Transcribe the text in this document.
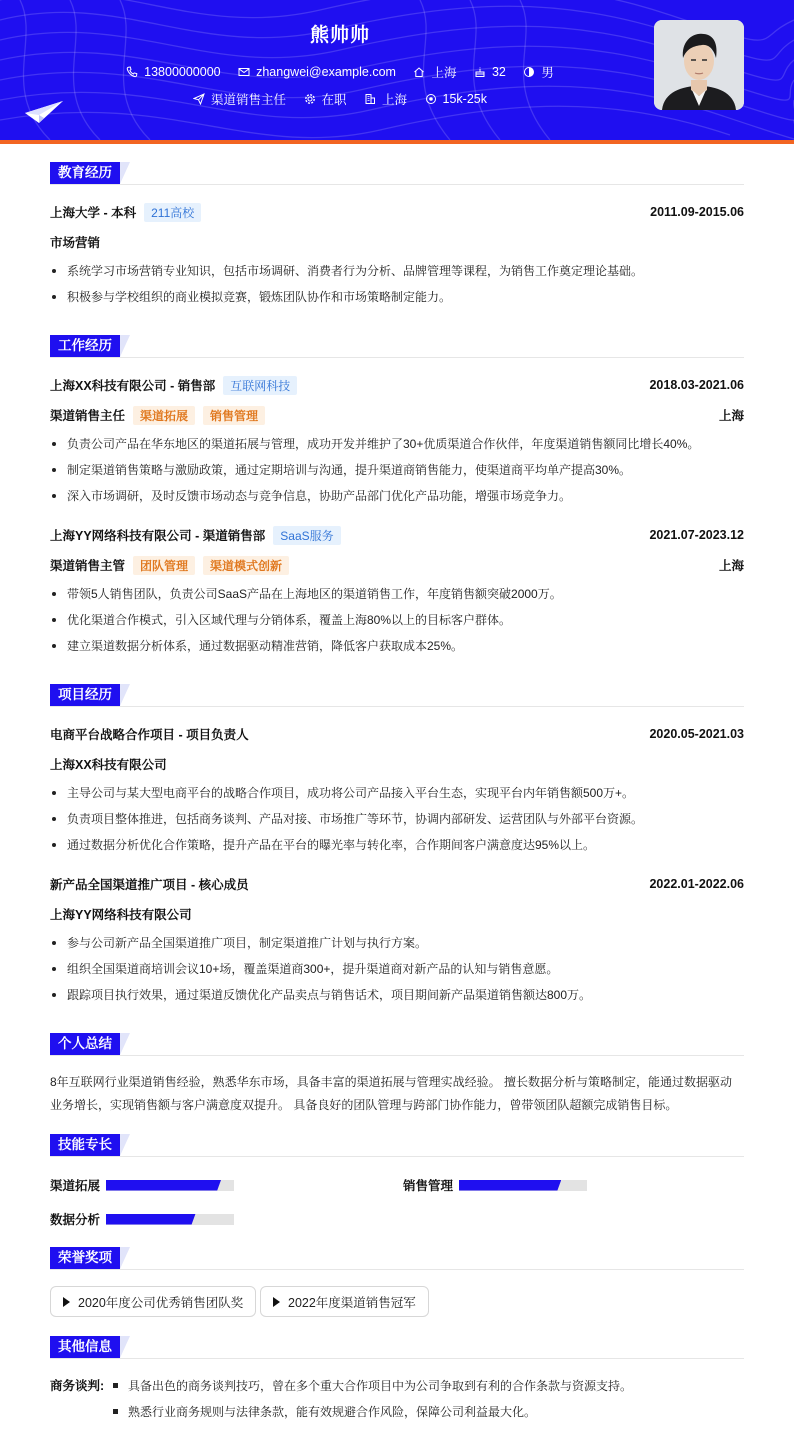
熊帅帅
13800000000
	zhangwei@example.com
	上海
	32
	男
渠道销售主任
	在职
	上海
	15k-25k
教育经历
上海大学 - 本科	211高校	2011.09-2015.06
市场营销
系统学习市场营销专业知识，包括市场调研、消费者行为分析、品牌管理等课程，为销售工作奠定理论基础。
积极参与学校组织的商业模拟竞赛，锻炼团队协作和市场策略制定能力。
工作经历
上海XX科技有限公司 - 销售部	互联网科技	2018.03-2021.06
渠道销售主任	渠道拓展	销售管理	上海
负责公司产品在华东地区的渠道拓展与管理，成功开发并维护了30+优质渠道合作伙伴，年度渠道销售额同比增长40%。
制定渠道销售策略与激励政策，通过定期培训与沟通，提升渠道商销售能力，使渠道商平均单产提高30%。
深入市场调研，及时反馈市场动态与竞争信息，协助产品部门优化产品功能，增强市场竞争力。
上海YY网络科技有限公司 - 渠道销售部	SaaS服务	2021.07-2023.12
渠道销售主管	团队管理	渠道模式创新	上海
带领5人销售团队，负责公司SaaS产品在上海地区的渠道销售工作，年度销售额突破2000万。
优化渠道合作模式，引入区域代理与分销体系，覆盖上海80%以上的目标客户群体。
建立渠道数据分析体系，通过数据驱动精准营销，降低客户获取成本25%。
项目经历
电商平台战略合作项目 - 项目负责人	2020.05-2021.03
上海XX科技有限公司
主导公司与某大型电商平台的战略合作项目，成功将公司产品接入平台生态，实现平台内年销售额500万+。
负责项目整体推进，包括商务谈判、产品对接、市场推广等环节，协调内部研发、运营团队与外部平台资源。
通过数据分析优化合作策略，提升产品在平台的曝光率与转化率，合作期间客户满意度达95%以上。
新产品全国渠道推广项目 - 核心成员	2022.01-2022.06
上海YY网络科技有限公司
参与公司新产品全国渠道推广项目，制定渠道推广计划与执行方案。
组织全国渠道商培训会议10+场，覆盖渠道商300+，提升渠道商对新产品的认知与销售意愿。
跟踪项目执行效果，通过渠道反馈优化产品卖点与销售话术，项目期间新产品渠道销售额达800万。
个人总结
8年互联网行业渠道销售经验，熟悉华东市场，具备丰富的渠道拓展与管理实战经验。 擅长数据分析与策略制定，能通过数据驱动
业务增长，实现销售额与客户满意度双提升。 具备良好的团队管理与跨部门协作能力，曾带领团队超额完成销售目标。
技能专长
渠道拓展	销售管理
数据分析
荣誉奖项
2020年度公司优秀销售团队奖	2022年度渠道销售冠军
其他信息
商务谈判:	具备出色的商务谈判技巧，曾在多个重大合作项目中为公司争取到有利的合作条款与资源支持。
熟悉行业商务规则与法律条款，能有效规避合作风险，保障公司利益最大化。
